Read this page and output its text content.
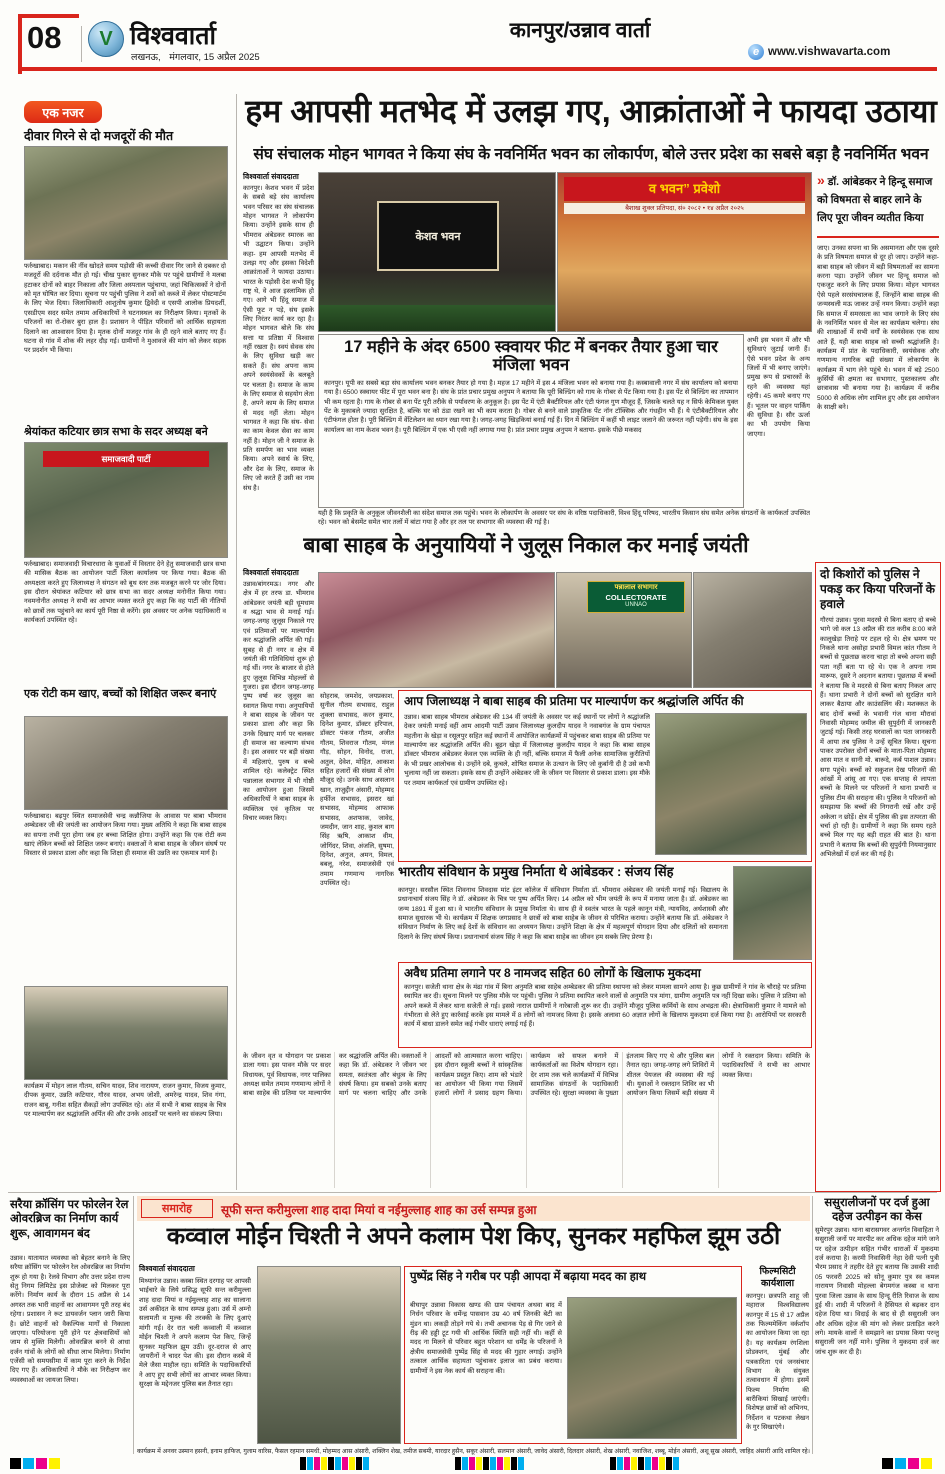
08 V विश्ववार्ता
लखनऊ, मंगलवार, 15 अप्रैल 2025
कानपुर/उन्नाव वार्ता
e www.vishwavarta.com
एक नजर
दीवार गिरने से दो मजदूरों की मौत
फर्रुखाबाद। मकान की नींव खोदते समय पड़ोसी की कच्ची दीवार गिर जाने से दबकर दो मजदूरों की दर्दनाक मौत हो गई। चीख पुकार सुनकर मौके पर पहुंचे ग्रामीणों ने मलबा हटाकर दोनों को बाहर निकाला और जिला अस्पताल पहुंचाया, जहां चिकित्सकों ने दोनों को मृत घोषित कर दिया। सूचना पर पहुंची पुलिस ने शवों को कब्जे में लेकर पोस्टमार्टम के लिए भेज दिया। जिलाधिकारी आशुतोष कुमार द्विवेदी व एसपी आलोक प्रियदर्शी, एसडीएम सदर समेत तमाम अधिकारियों ने घटनास्थल का निरीक्षण किया। मृतकों के परिजनों का रो-रोकर बुरा हाल है। प्रशासन ने पीड़ित परिवारों को आर्थिक सहायता दिलाने का आश्वासन दिया है। मृतक दोनों मजदूर गांव के ही रहने वाले बताए गए हैं। घटना से गांव में शोक की लहर दौड़ गई। ग्रामीणों ने मुआवजे की मांग को लेकर सड़क पर प्रदर्शन भी किया।
श्रेयांकत कटियार छात्र सभा के सदर अध्यक्ष बने
समाजवादी पार्टी
फर्रुखाबाद। समाजवादी विचारधारा के युवाओं में विस्तार देने हेतु समाजवादी छात्र सभा की मासिक बैठक का आयोजन पार्टी जिला कार्यालय पर किया गया। बैठक की अध्यक्षता करते हुए जिलाध्यक्ष ने संगठन को बूथ स्तर तक मजबूत करने पर जोर दिया। इस दौरान श्रेयांकत कटियार को छात्र सभा का सदर अध्यक्ष मनोनीत किया गया। नवमनोनीत अध्यक्ष ने सभी का आभार व्यक्त करते हुए कहा कि वह पार्टी की नीतियों को छात्रों तक पहुंचाने का कार्य पूरी निष्ठा से करेंगे। इस अवसर पर अनेक पदाधिकारी व कार्यकर्ता उपस्थित रहे।
एक रोटी कम खाए, बच्चों को शिक्षित जरूर बनाएं
फर्रुखाबाद। बढ़पुर स्थित समाजसेवी चन्द्र कन्नौजिया के आवास पर बाबा भीमराव अम्बेडकर जी की जयंती का आयोजन किया गया। मुख्य अतिथि ने कहा कि बाबा साहब का सपना तभी पूरा होगा जब हर बच्चा शिक्षित होगा। उन्होंने कहा कि एक रोटी कम खाएं लेकिन बच्चों को शिक्षित जरूर बनाएं। वक्ताओं ने बाबा साहब के जीवन संघर्ष पर विस्तार से प्रकाश डाला और कहा कि शिक्षा ही समाज की उन्नति का एकमात्र मार्ग है।
कार्यक्रम में मोहन लाल गौतम, सचिन यादव, शिव नारायण, राजन कुमार, विजय कुमार, दीपक कुमार, उन्नति कटियार, गौरव यादव, अभय जोशी, अमरेन्द्र यादव, शिव गंगा, राजन बाबू, गनीश सहित सैकड़ों लोग उपस्थित रहे। अंत में सभी ने बाबा साहब के चित्र पर माल्यार्पण कर श्रद्धांजलि अर्पित की और उनके आदर्शों पर चलने का संकल्प लिया।
हम आपसी मतभेद में उलझ गए, आक्रांताओं ने फायदा उठाया
संघ संचालक मोहन भागवत ने किया संघ के नवनिर्मित भवन का लोकार्पण, बोले उत्तर प्रदेश का सबसे बड़ा है नवनिर्मित भवन
विश्ववार्ता संवाददाता
कानपुर। केशव भवन में प्रदेश के सबसे बड़े संघ कार्यालय भवन परिसर का संघ संचालक मोहन भागवत ने लोकार्पण किया। उन्होंने इसके साथ ही भीमराव अंबेडकर स्मारक का भी उद्घाटन किया। उन्होंने कहा- हम आपसी मतभेद में उलझ गए और इसका विदेशी आक्रांताओं ने फायदा उठाया। भारत के पड़ोसी देश कभी हिंदू राष्ट्र थे, वे आज इस्लामिक हो गए। आगे भी हिंदू समाज में ऐसी फूट न पड़े, संघ इसके लिए निरंतर कार्य कर रहा है। मोहन भागवत बोले कि संघ सत्ता या प्रतिष्ठा में विश्वास नहीं रखता है। स्वयं सेवक संघ के लिए सुविधा खड़ी कर सकते हैं। संघ अपना काम अपने स्वयंसेवकों के बलबूते पर चलता है। समाज के काम के लिए समाज से सहयोग लेता है, अपने काम के लिए समाज से मदद नहीं लेता। मोहन भागवत ने कहा कि संघ- सेवा का काम केवल सेवा का काम नहीं है। मोहन जी ने समाज के प्रति समर्पण का भाव व्यक्त किया। अपने स्वार्थ के लिए, और देश के लिए, समाज के लिए जो करते हैं उसी का नाम संघ है।
केशव भवन
व भवन” प्रवेशो
बैशाख शुक्ल प्रतिपदा, सं० २०८२ • १४ अप्रैल २०२५
» डॉ. आंबेडकर ने हिन्दू समाज को विषमता से बाहर लाने के लिए पूरा जीवन व्यतीत किया
जाए। उनका सपना था कि असमानता और एक दूसरे के प्रति विषमता समाज से दूर हो जाए। उन्होंने कहा- बाबा साहब को जीवन में बड़ी विषमताओं का सामना करना पड़ा। उन्होंने जीवन भर हिन्दू समाज को एकजुट करने के लिए प्रयास किया। मोहन भागवत ऐसे पहले सरसंघचालक हैं, जिन्होंने बाबा साहब की जन्मस्थली मऊ जाकर उन्हें नमन किया। उन्होंने कहा कि समाज में समरसता का भाव जगाने के लिए संघ के नवनिर्मित भवन से मेल का कार्यक्रम चलेगा। संघ की शाखाओं में सभी वर्गों के स्वयंसेवक एक साथ आते हैं, यही बाबा साहब को सच्ची श्रद्धांजलि है। कार्यक्रम में प्रांत के पदाधिकारी, स्वयंसेवक और गणमान्य नागरिक बड़ी संख्या में लोकार्पण के कार्यक्रम में भाग लेने पहुंचे थे। भवन में बड़े 2500 कुर्सियों की क्षमता का सभागार, पुस्तकालय और छात्रावास भी बनाया गया है। कार्यक्रम में करीब 5000 से अधिक लोग शामिल हुए और इस आयोजन के साक्षी बने।
17 महीने के अंदर 6500 स्क्वायर फीट में बनकर तैयार हुआ चार मंजिला भवन
कानपुर। यूपी का सबसे बड़ा संघ कार्यालय भवन बनकर तैयार हो गया है। महज 17 महीने में इस 4 मंजिला भवन को बनाया गया है। कस्बावाली नगर में संघ कार्यालय को बनाया गया है। 6500 स्क्वायर फीट में पूरा भवन बना है। संघ के प्रांत प्रचार प्रमुख अनुपम ने बताया कि पूरी बिल्डिंग को गाय के गोबर से पेंट किया गया है। इस पेंट से बिल्डिंग का तापमान भी कम रहता है। गाय के गोबर से बना पेंट पूरी तरीके से पर्यावरण के अनुकूल है। इस पेंट में एंटी बैक्टीरियल और एंटी फंगल गुण मौजूद हैं, जिसके चलते यह न सिर्फ केमिकल युक्त पेंट के मुकाबले ज्यादा सुरक्षित है, बल्कि घर को ठंडा रखने का भी काम करता है। गोबर से बनने वाले प्राकृतिक पेंट नॉन टॉक्सिक और गंधहीन भी हैं। ये एंटीबैक्टीरियल और एंटीफंगल होता है। पूरी बिल्डिंग में वेंटिलेशन का ध्यान रखा गया है। जगह-जगह खिड़कियां बनाई गई हैं। दिन में बिल्डिंग में कहीं भी लाइट जलाने की जरूरत नहीं पड़ेगी। संघ के इस कार्यालय का नाम केशव भवन है। पूरी बिल्डिंग में एक भी एसी नहीं लगाया गया है। प्रांत प्रचार प्रमुख अनुपम ने बताया- इसके पीछे मकसद
अभी इस भवन में और भी सुविधाएं जुटाई जानी हैं। ऐसे भवन प्रदेश के अन्य जिलों में भी बनाए जाएंगे। प्रमुख रूप से प्रचारकों के रहने की व्यवस्था यहां रहेगी। 45 कमरे बनाए गए हैं। भूतल पर वाहन पार्किंग की सुविधा है। सौर ऊर्जा का भी उपयोग किया जाएगा।
यही है कि प्रकृति के अनुकूल जीवनशैली का संदेश समाज तक पहुंचे। भवन के लोकार्पण के अवसर पर संघ के वरिष्ठ पदाधिकारी, विश्व हिंदू परिषद, भारतीय किसान संघ समेत अनेक संगठनों के कार्यकर्ता उपस्थित रहे। भवन को बेसमेंट समेत चार तलों में बांटा गया है और हर तल पर सभागार की व्यवस्था की गई है।
बाबा साहब के अनुयायियों ने जुलूस निकाल कर मनाई जयंती
विश्ववार्ता संवाददाता
उन्नाव/बांगरमऊ। नगर और क्षेत्र में हर तरफ डा. भीमराव आंबेडकर जयंती बड़ी धूमधाम व श्रद्धा भाव से मनाई गई। जगह-जगह जुलूस निकाले गए एवं प्रतिमाओं पर माल्यार्पण कर श्रद्धांजलि अर्पित की गई। सुबह से ही नगर व क्षेत्र में जयंती की गतिविधियां शुरू हो गई थीं। नगर के बाजार से होते हुए जुलूस विभिन्न मोहल्लों से गुजरा। इस दौरान जगह-जगह पुष्प वर्षा कर जुलूस का स्वागत किया गया। अनुयायियों ने बाबा साहब के जीवन पर प्रकाश डाला और कहा कि उनके दिखाए मार्ग पर चलकर ही समाज का कल्याण संभव है। इस अवसर पर बड़ी संख्या में महिलाएं, पुरुष व बच्चे शामिल रहे। कलेक्ट्रेट स्थित पन्नालाल सभागार में भी गोष्ठी का आयोजन हुआ जिसमें अधिकारियों ने बाबा साहब के व्यक्तित्व एवं कृतित्व पर विचार व्यक्त किए।
पन्नालाल सभागार
COLLECTORATE
UNNAO
सोहराब, जमशेद, जयप्रकाश, सुनील गौतम सभासद, राहुल शुक्ला सभासद, करन कुमार, दिनेश कुमार, डॉक्टर हरिपाल, डॉक्टर पंकज गौतम, अजीत गौतम, शिवराज गौतम, मंगल गौड़, सोहन, विनोद, राजा, अतुल, देवेश, मोहित, आकाश सहित हजारों की संख्या में लोग मौजूद रहे। उनके साथ असलान खान, ताजुद्दीन अंसारी, मोहम्मद हर्फीज सभासद, इसरार खां सभासद, मोहम्मद आफाक सभासद, अशफाक, जावेद, जमदीन, जान शाह, कुशल बाग सिंह ऋषि, आकाश वीम, जोगिंदर, शिवा, अंजलि, सुषमा, दिनेश, अनुज, अमन, विमल, बबलू, नरेश, समाजसेवी एवं तमाम गणमान्य नागरिक उपस्थित रहे।
आप जिलाध्यक्ष ने बाबा साहब की प्रतिमा पर माल्यार्पण कर श्रद्धांजलि अर्पित की
उन्नाव। बाबा साहब भीमराव अंबेडकर की 134 वीं जयंती के अवसर पर कई स्थानों पर लोगों ने श्रद्धांजलि देकर जयंती मनाई वहीं आम आदमी पार्टी उन्नाव जिलाध्यक्ष कुलदीप यादव ने नवाबगंज के ग्राम पंचायत महतीना के खेड़ा व रसूलपुर सहित कई स्थानों में आयोजित कार्यक्रमों में पहुंचकर बाबा साहब की प्रतिमा पर माल्यार्पण कर श्रद्धांजलि अर्पित की। बूढ़न खेड़ा में जिलाध्यक्ष कुलदीप यादव ने कहा कि बाबा साहब डॉक्टर भीमराव अंबेडकर केवल एक व्यक्ति के ही नहीं, बल्कि समाज में फैली अनेक सामाजिक कुरीतियों के भी प्रखर आलोचक थे। उन्होंने दबे, कुचले, शोषित समाज के उत्थान के लिए जो कुर्बानी दी है उसे कभी भुलाया नहीं जा सकता। इसके साथ ही उन्होंने अंबेडकर जी के जीवन पर विस्तार से प्रकाश डाला। इस मौके पर तमाम कार्यकर्ता एवं ग्रामीण उपस्थित रहे।
भारतीय संविधान के प्रमुख निर्माता थे आंबेडकर : संजय सिंह
कानपुर। सरसौल स्थित शिवनाथ शिवदास मांट इंटर कॉलेज में संविधान निर्माता डॉ. भीमराव अंबेडकर की जयंती मनाई गई। विद्यालय के प्रधानाचार्य संजय सिंह ने डॉ. अंबेडकर के चित्र पर पुष्प अर्पित किए। 14 अप्रैल को भीम जयंती के रूप में मनाया जाता है। डॉ. अंबेडकर का जन्म 1891 में हुआ था। वे भारतीय संविधान के प्रमुख निर्माता थे। साथ ही वे स्वतंत्र भारत के पहले कानून मंत्री, न्यायविद, अर्थशास्त्री और समाज सुधारक भी थे। कार्यक्रम में शिक्षक जगप्रसाद ने छात्रों को बाबा साहेब के जीवन से परिचित कराया। उन्होंने बताया कि डॉ. अंबेडकर ने संविधान निर्माण के लिए कई देशों के संविधान का अध्ययन किया। उन्होंने शिक्षा के क्षेत्र में महत्वपूर्ण योगदान दिया और दलितों को समानता दिलाने के लिए संघर्ष किया। प्रधानाचार्य संजय सिंह ने कहा कि बाबा साहेब का जीवन हम सबके लिए प्रेरणा है।
अवैध प्रतिमा लगाने पर 8 नामजद सहित 60 लोगों के खिलाफ मुकदमा
कानपुर। सजेती थाना क्षेत्र के मंढा गांव में बिना अनुमति बाबा साहेब अम्बेडकर की प्रतिमा स्थापना को लेकर मामला सामने आया है। कुछ ग्रामीणों ने गांव के चौराहे पर प्रतिमा स्थापित कर दी। सूचना मिलने पर पुलिस मौके पर पहुंची। पुलिस ने प्रतिमा स्थापित करने वालों से अनुमति पत्र मांगा, ग्रामीण अनुमति पत्र नहीं दिखा सके। पुलिस ने प्रतिमा को अपने कब्जे में लेकर थाना सजेती ले गई। इससे नाराज ग्रामीणों ने नारेबाजी शुरू कर दी। उन्होंने मौजूद पुलिस कर्मियों के साथ अभद्रता की। क्षेत्राधिकारी कुमार ने मामले को गंभीरता से लेते हुए कार्रवाई करके इस मामले में 8 लोगों को नामजद किया है। इसके अलावा 60 अज्ञात लोगों के खिलाफ मुकदमा दर्ज किया गया है। आरोपियों पर सरकारी कार्य में बाधा डालने समेत कई गंभीर धाराएं लगाई गई हैं।
के जीवन वृत व योगदान पर प्रकाश डाला गया। इस पावन मौके पर सदर विधायक, पूर्व विधायक, नगर पालिका अध्यक्ष समेत तमाम गणमान्य लोगों ने बाबा साहेब की प्रतिमा पर माल्यार्पण कर श्रद्धांजलि अर्पित की। वक्ताओं ने कहा कि डॉ. अंबेडकर ने जीवन भर समता, स्वतंत्रता और बंधुत्व के लिए संघर्ष किया। हम सबको उनके बताए मार्ग पर चलना चाहिए और उनके आदर्शों को आत्मसात करना चाहिए। इस दौरान स्कूली बच्चों ने सांस्कृतिक कार्यक्रम प्रस्तुत किए। शाम को भंडारे का आयोजन भी किया गया जिसमें हजारों लोगों ने प्रसाद ग्रहण किया। कार्यक्रम को सफल बनाने में कार्यकर्ताओं का विशेष योगदान रहा। देर शाम तक चले कार्यक्रमों में विभिन्न सामाजिक संगठनों के पदाधिकारी उपस्थित रहे। सुरक्षा व्यवस्था के पुख्ता इंतजाम किए गए थे और पुलिस बल तैनात रहा। जगह-जगह लगे शिविरों में शीतल पेयजल की व्यवस्था की गई थी। युवाओं ने रक्तदान शिविर का भी आयोजन किया जिसमें बड़ी संख्या में लोगों ने रक्तदान किया। समिति के पदाधिकारियों ने सभी का आभार व्यक्त किया।
दो किशोरों को पुलिस ने पकड़ कर किया परिजनों के हवाले
गौरयां उन्नाव। पुरवा मदरसे से बिना बताए दो बच्चे भागे जो कल 13 अप्रैल की रात करीब 8:00 बजे कालूखेड़ा तिराहे पर टहल रहे थे। क्षेत्र भ्रमण पर निकले थाना असोहा प्रभारी विमल कांत गौतम ने बच्चों से पूछताछ करना चाहा तो बच्चे अपना सही पता नहीं बता पा रहे थे। एक ने अपना नाम मारूफ, दूसरे ने अदनान बताया। पूछताछ में बच्चों ने बताया कि वे मदरसे से बिना बताए निकल आए हैं। थाना प्रभारी ने दोनों बच्चों को सुरक्षित थाने लाकर बैठाया और काउंसलिंग की। मशक्कत के बाद दोनों बच्चों के भवानी गंज थाना मौरावां निवासी मोहम्मद जमील की सुपुर्दगी में जानकारी जुटाई गई। किसी तरह घरवालों का पता जानकारी में आया तब पुलिस ने उन्हें सूचित किया। सूचना पाकर उपरोक्त दोनों बच्चों के माता-पिता मोहम्मद आस मात व सानी मो. बारूदे, कर्ब पाशल उन्नाव। सगा पहुंचे। बच्चों को सकुशल देख परिजनों की आंखों में आंसू आ गए। एक सप्ताह से लापता बच्चों के मिलने पर परिजनों ने थाना प्रभारी व पुलिस टीम की सराहना की। पुलिस ने परिजनों को समझाया कि बच्चों की निगरानी रखें और उन्हें अकेला न छोड़ें। क्षेत्र में पुलिस की इस तत्परता की चर्चा हो रही है। ग्रामीणों ने कहा कि समय रहते बच्चे मिल गए यह बड़ी राहत की बात है। थाना प्रभारी ने बताया कि बच्चों की सुपुर्दगी नियमानुसार अभिलेखों में दर्ज कर की गई है।
सरैया क्रॉसिंग पर फोरलेन रेल ओवरब्रिज का निर्माण कार्य शुरू, आवागमन बंद
उन्नाव। यातायात व्यवस्था को बेहतर बनाने के लिए सरैया क्रॉसिंग पर फोरलेन रेल ओवरब्रिज का निर्माण शुरू हो गया है। रेलवे विभाग और उत्तर प्रदेश राज्य सेतु निगम लिमिटेड इस प्रोजेक्ट को मिलकर पूरा करेंगे। निर्माण कार्य के दौरान 15 अप्रैल से 14 अगस्त तक भारी वाहनों का आवागमन पूरी तरह बंद रहेगा। प्रशासन ने रूट डायवर्जन प्लान जारी किया है। छोटे वाहनों को वैकल्पिक मार्गों से निकाला जाएगा। परियोजना पूरी होने पर क्षेत्रवासियों को जाम से मुक्ति मिलेगी। ओवरब्रिज बनने से आधा दर्जन गांवों के लोगों को सीधा लाभ मिलेगा। निर्माण एजेंसी को समयसीमा में काम पूरा करने के निर्देश दिए गए हैं। अधिकारियों ने मौके का निरीक्षण कर व्यवस्थाओं का जायजा लिया।
समारोह	सूफी सन्त करीमुल्ला शाह दादा मियां व नईमुल्लाह शाह का उर्स सम्पन्न हुआ
कव्वाल मोईन चिश्ती ने अपने कलाम पेश किए, सुनकर महफिल झूम उठी
विश्ववार्ता संवाददाता
मिथ्यागंज उन्नाव। कस्बा स्थित दरगाह पर आपसी भाईचारे के लिये प्रसिद्ध सूफी सन्त करीमुल्ला शाह दादा मियां व नईमुल्लाह शाह का सालाना उर्स अकीदत के साथ सम्पन्न हुआ। उर्स में अम्नो सलामती व मुल्क की तरक्की के लिए दुआएं मांगी गईं। देर रात चली कव्वाली में कव्वाल मोईन चिश्ती ने अपने कलाम पेश किए, जिन्हें सुनकर महफिल झूम उठी। दूर-दराज से आए जायरीनों ने चादर पेश की। इस दौरान कस्बे में मेले जैसा माहौल रहा। समिति के पदाधिकारियों ने आए हुए सभी लोगों का आभार व्यक्त किया। सुरक्षा के मद्देनजर पुलिस बल तैनात रहा।
पुष्पेंद्र सिंह ने गरीब पर पड़ी आपदा में बढ़ाया मदद का हाथ
बीघापुर उन्नावा विकास खण्ड की ग्राम पंचायत अथवा बाद में निर्धन परिवार के धर्मेन्द्र पासवान उम्र 40 वर्ष जिनकी बेटी का मुंडन था। लकड़ी तोड़ने गये थे। तभी अचानक पेड़ से गिर जाने से रीढ़ की हड्डी टूट गयी थी आर्थिक स्थिति सही नहीं थी। कहीं से मदद ना मिलने से परिवार बहुत परेशान था धर्मेंद्र के परिजनों ने क्षेत्रीय समाजसेवी पुष्पेंद्र सिंह से मदद की गुहार लगाई। उन्होंने तत्काल आर्थिक सहायता पहुंचाकर इलाज का प्रबंध कराया। ग्रामीणों ने इस नेक कार्य की सराहना की।
फिल्मसिटी कार्यशाला
कानपुर। छत्रपति शाहू जी महाराज विश्वविद्यालय कानपुर में 15 से 17 अप्रैल तक फिल्ममेकिंग वर्कशॉप का आयोजन किया जा रहा है। यह कार्यक्रम रंगशिला प्रोडक्शन, मुंबई और पत्रकारिता एवं जनसंचार विभाग के संयुक्त तत्वावधान में होगा। इसमें फिल्म निर्माण की बारीकियां सिखाई जाएंगी। विशेषज्ञ छात्रों को अभिनय, निर्देशन व पटकथा लेखन के गुर सिखाएंगे।
ससुरालीजनों पर दर्ज हुआ दहेज उत्पीड़न का केस
सुमेरपुर उन्नाव। थाना बारासगवर अन्तर्गत विवाहिता ने ससुराली जनों पर मारपीट कर अधिक दहेज मांगे जाने पर दहेज उत्पीड़न सहित गंभीर धाराओं में मुकदमा दर्ज कराया है। करमी निवासिनी नेहा देवी पत्नी पुत्री भैरम प्रसाद ने तहरीर देते हुए बताया कि उसकी शादी 05 फरवरी 2025 को सोनू कुमार पुत्र स्व कमल नारायण निवासी मोहल्ला बेगमगंज कस्बा व थाना पुरवा जिला उन्नाव के साथ हिन्दू रीति रिवाज के साथ हुई थी। शादी में परिजनों ने हैसियत से बढ़कर दान दहेज दिया था। विदाई के बाद से ही ससुराली जन और अधिक दहेज की मांग को लेकर प्रताड़ित करने लगे। मायके वालों ने समझाने का प्रयास किया परन्तु ससुराली जन नहीं माने। पुलिस ने मुकदमा दर्ज कर जांच शुरू कर दी है।
कार्यक्रम में अनवर उस्मान हसनी, इनाम हाफिज, गुलाम वारिस, फैसल रहमान समधी, मोहम्मद आस अंसारी, शक्लिन शेख, तमीज सबमी, यारदार हुसैन, सकूर अंसारी, सलमान अंसारी, जावेद अंसारी, दिलदार अंसारी, शेख अंसारी, नवाजिश, शब्बू, मोईन अंसारी, अशू सुख अंसारी, जाहिद अंसारी आदि शामिल रहे।
